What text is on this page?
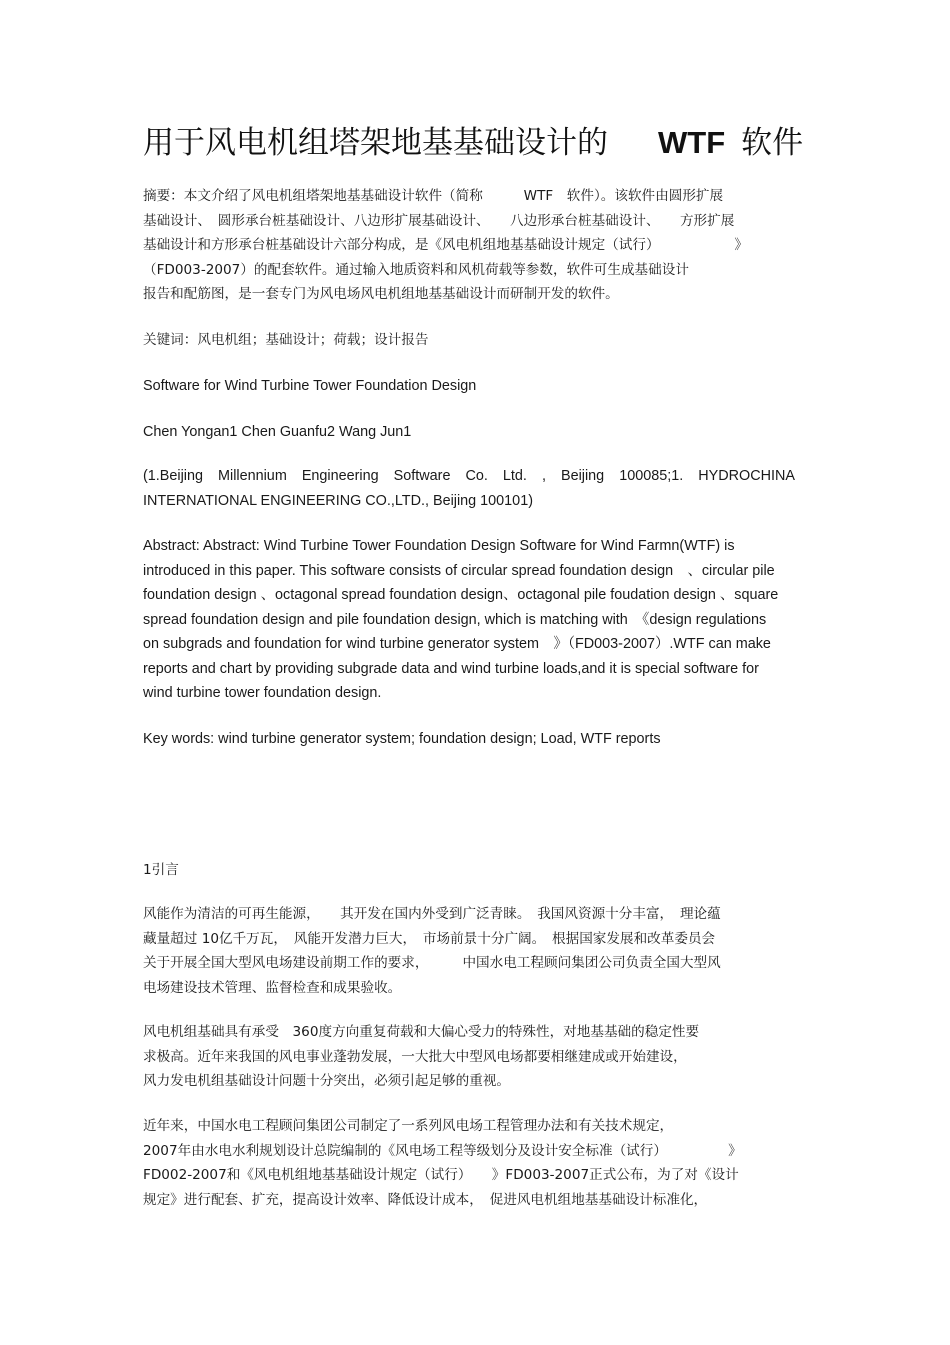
用于风电机组塔架地基基础设计的 WTF 软件
摘要：本文介绍了风电机组塔架地基基础设计软件（简称　　　WTF　软件）。该软件由圆形扩展
基础设计、　圆形承台桩基础设计、八边形扩展基础设计、　　八边形承台桩基础设计、　　方形扩展
基础设计和方形承台桩基础设计六部分构成，是《风电机组地基基础设计规定（试行）　　　　　　》
（FD003-2007）的配套软件。通过输入地质资料和风机荷载等参数，软件可生成基础设计
报告和配筋图，是一套专门为风电场风电机组地基基础设计而研制开发的软件。

关键词：风电机组；基础设计；荷载；设计报告

Software for Wind Turbine Tower Foundation Design

Chen Yongan1 Chen Guanfu2 Wang Jun1

(1.Beijing Millennium Engineering Software Co. Ltd. , Beijing 100085;1. HYDROCHINA INTERNATIONAL ENGINEERING CO.,LTD., Beijing 100101)

Abstract: Abstract: Wind Turbine Tower Foundation Design Software for Wind Farmn(WTF) is
introduced in this paper. This software consists of circular spread foundation design　、circular pile
foundation design 、octagonal spread foundation design、octagonal pile foudation design 、square
spread foundation design and pile foundation design, which is matching with　《design regulations
on subgrads and foundation for wind turbine generator system　》（FD003-2007）.WTF can make
reports and chart by providing subgrade data and wind turbine loads,and it is special software for
wind turbine tower foundation design.

Key words: wind turbine generator system; foundation design; Load, WTF reports

1引言

风能作为清洁的可再生能源，　　其开发在国内外受到广泛青睐。　我国风资源十分丰富，　理论蕴
藏量超过 10亿千万瓦，　风能开发潜力巨大，　市场前景十分广阔。　根据国家发展和改革委员会
关于开展全国大型风电场建设前期工作的要求，　　　中国水电工程顾问集团公司负责全国大型风
电场建设技术管理、监督检查和成果验收。
风电机组基础具有承受　360度方向重复荷载和大偏心受力的特殊性，对地基基础的稳定性要
求极高。近年来我国的风电事业蓬勃发展，一大批大中型风电场都要相继建成或开始建设，
风力发电机组基础设计问题十分突出，必须引起足够的重视。
近年来，中国水电工程顾问集团公司制定了一系列风电场工程管理办法和有关技术规定，
2007年由水电水利规划设计总院编制的《风电场工程等级划分及设计安全标准（试行）　　　　　》
FD002-2007和《风电机组地基基础设计规定（试行）　　》FD003-2007正式公布，为了对《设计
规定》进行配套、扩充，提高设计效率、降低设计成本，　促进风电机组地基基础设计标准化，
